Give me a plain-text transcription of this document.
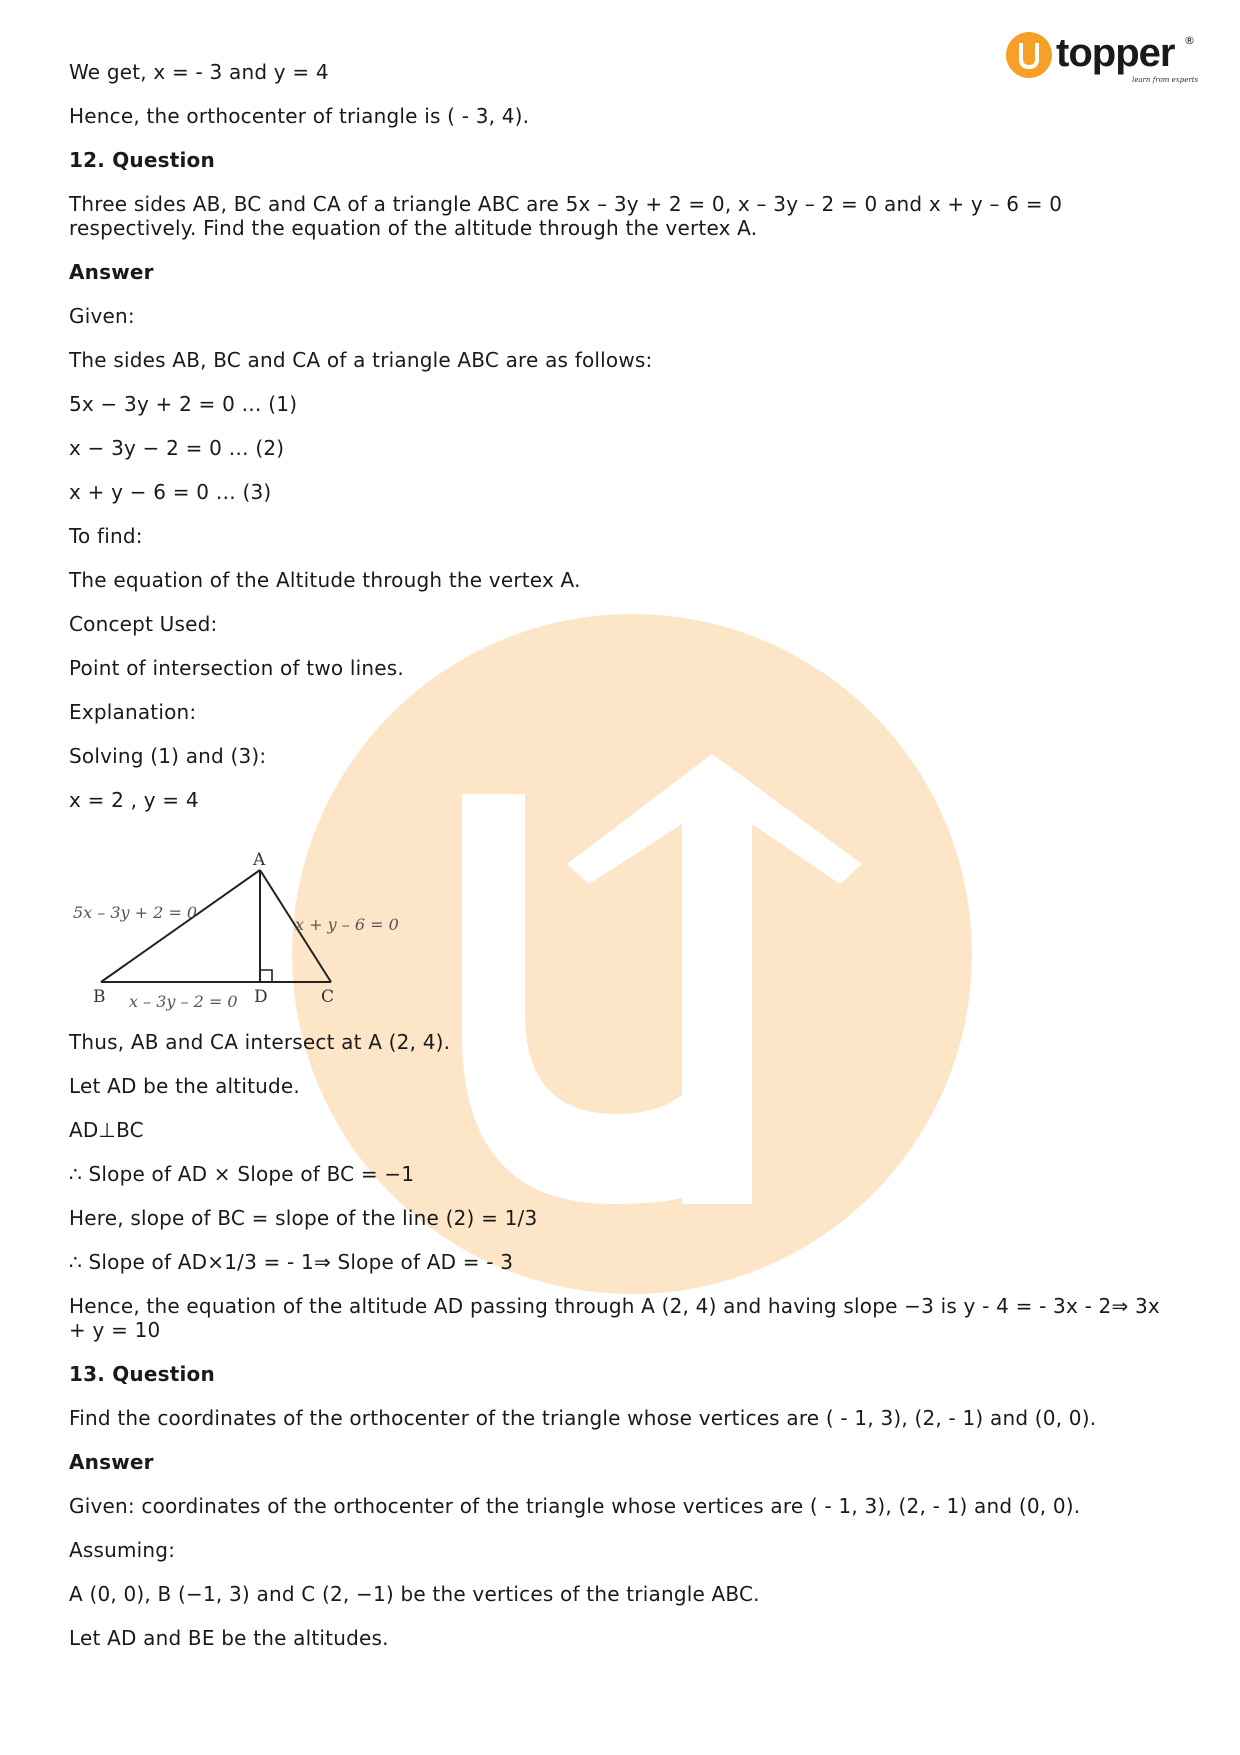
topper ®
learn from experts

We get, x = - 3 and y = 4

Hence, the orthocenter of triangle is ( - 3, 4).

12. Question

Three sides AB, BC and CA of a triangle ABC are 5x – 3y + 2 = 0, x – 3y – 2 = 0 and x + y – 6 = 0 respectively. Find the equation of the altitude through the vertex A.

Answer

Given:

The sides AB, BC and CA of a triangle ABC are as follows:

5x − 3y + 2 = 0 … (1)

x − 3y − 2 = 0 … (2)

x + y − 6 = 0 … (3)

To find:

The equation of the Altitude through the vertex A.

Concept Used:

Point of intersection of two lines.

Explanation:

Solving (1) and (3):

x = 2 , y = 4

A
B	C
D
5x – 3y + 2 = 0
x – 3y – 2 = 0
x + y – 6 = 0

Thus, AB and CA intersect at A (2, 4).

Let AD be the altitude.

AD⊥BC

∴ Slope of AD × Slope of BC = −1

Here, slope of BC = slope of the line (2) = 1/3

∴ Slope of AD×1/3 = - 1⇒ Slope of AD = - 3

Hence, the equation of the altitude AD passing through A (2, 4) and having slope −3 is y - 4 = - 3x - 2⇒ 3x + y = 10

13. Question

Find the coordinates of the orthocenter of the triangle whose vertices are ( - 1, 3), (2, - 1) and (0, 0).

Answer

Given: coordinates of the orthocenter of the triangle whose vertices are ( - 1, 3), (2, - 1) and (0, 0).

Assuming:

A (0, 0), B (−1, 3) and C (2, −1) be the vertices of the triangle ABC.

Let AD and BE be the altitudes.
